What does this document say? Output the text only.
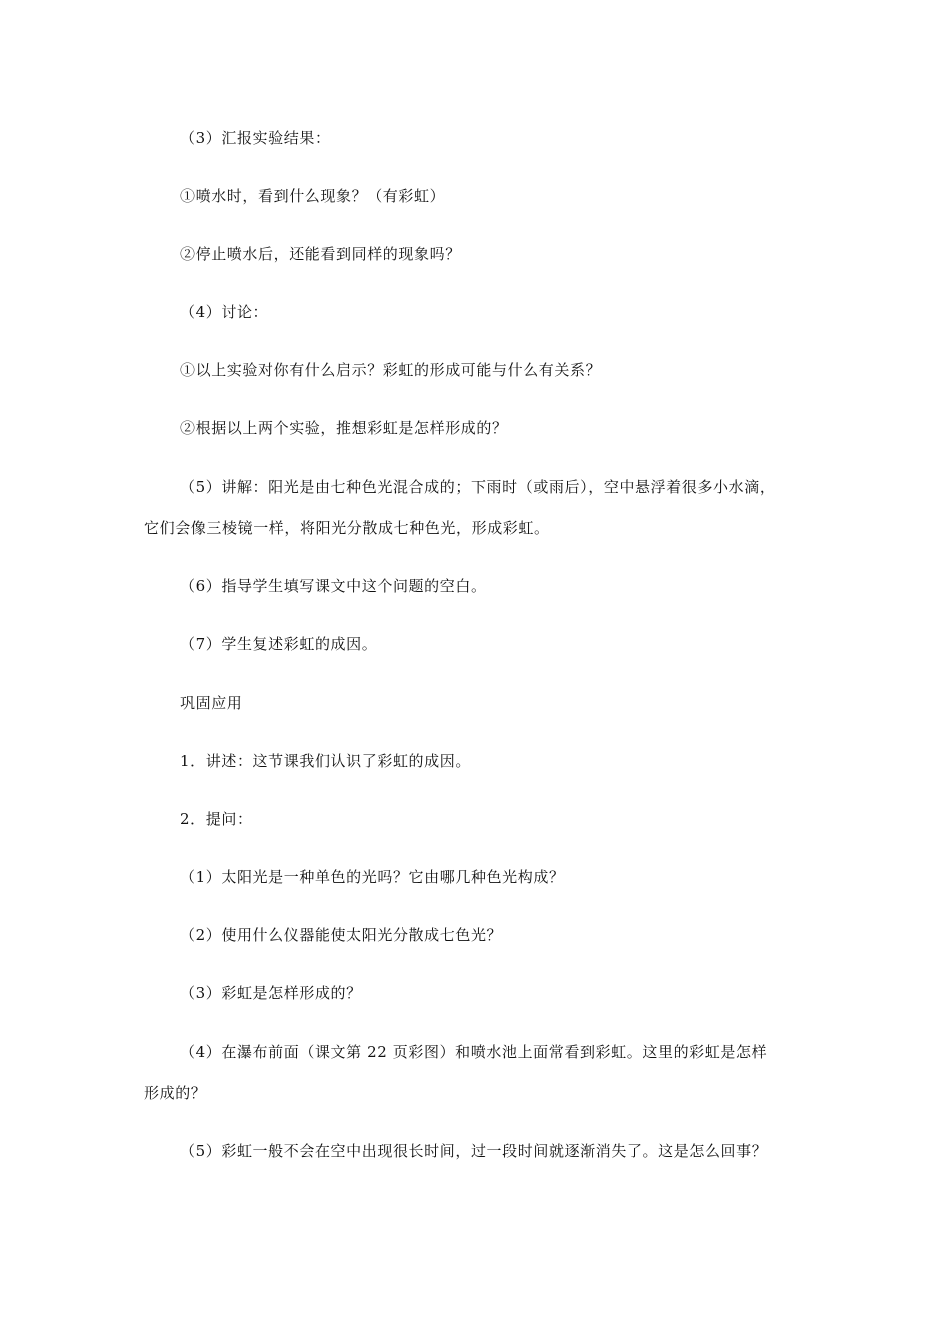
（3）汇报实验结果：
①喷水时，看到什么现象？（有彩虹）
②停止喷水后，还能看到同样的现象吗？
（4）讨论：
①以上实验对你有什么启示？彩虹的形成可能与什么有关系？
②根据以上两个实验，推想彩虹是怎样形成的？
（5）讲解：阳光是由七种色光混合成的；下雨时（或雨后），空中悬浮着很多小水滴，
它们会像三棱镜一样，将阳光分散成七种色光，形成彩虹。
（6）指导学生填写课文中这个问题的空白。
（7）学生复述彩虹的成因。
巩固应用
1．讲述：这节课我们认识了彩虹的成因。
2．提问：
（1）太阳光是一种单色的光吗？它由哪几种色光构成？
（2）使用什么仪器能使太阳光分散成七色光？
（3）彩虹是怎样形成的？
（4）在瀑布前面（课文第 22 页彩图）和喷水池上面常看到彩虹。这里的彩虹是怎样
形成的？
（5）彩虹一般不会在空中出现很长时间，过一段时间就逐渐消失了。这是怎么回事？
